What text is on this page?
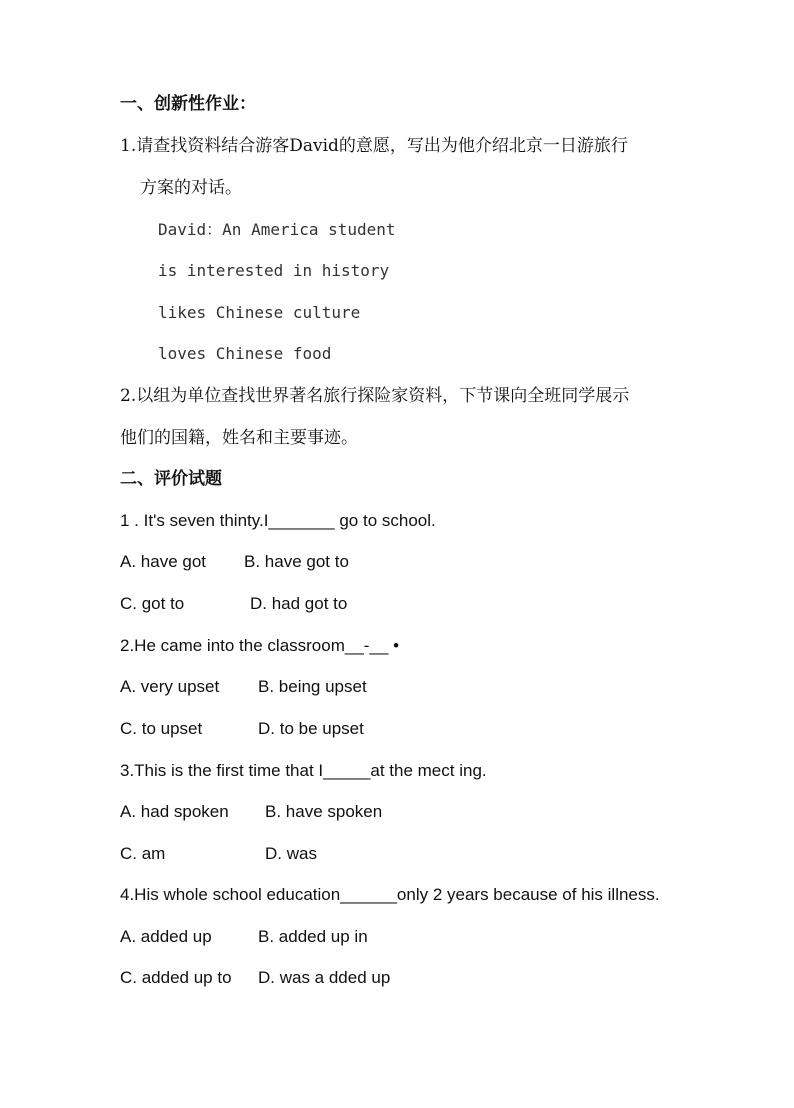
一、创新性作业：
1.请查找资料结合游客David的意愿，写出为他介绍北京一日游旅行
方案的对话。
David：An America student
is interested in history
likes Chinese culture
loves Chinese food
2.以组为单位查找世界著名旅行探险家资料，下节课向全班同学展示
他们的国籍，姓名和主要事迹。
二、评价试题
1 . It's seven thinty.I_______ go to school.
A. have got B. have got to
C. got to	D. had got to
2.He came into the classroom__-__ •
A. very upset B. being upset
C. to upset	D. to be upset
3.This is the first time that I_____at the mect ing.
A. had spoken B. have spoken
C. am	D. was
4.His whole school education______only 2 years because of his illness.
A. added up	B. added up in
C. added up to D. was a dded up
